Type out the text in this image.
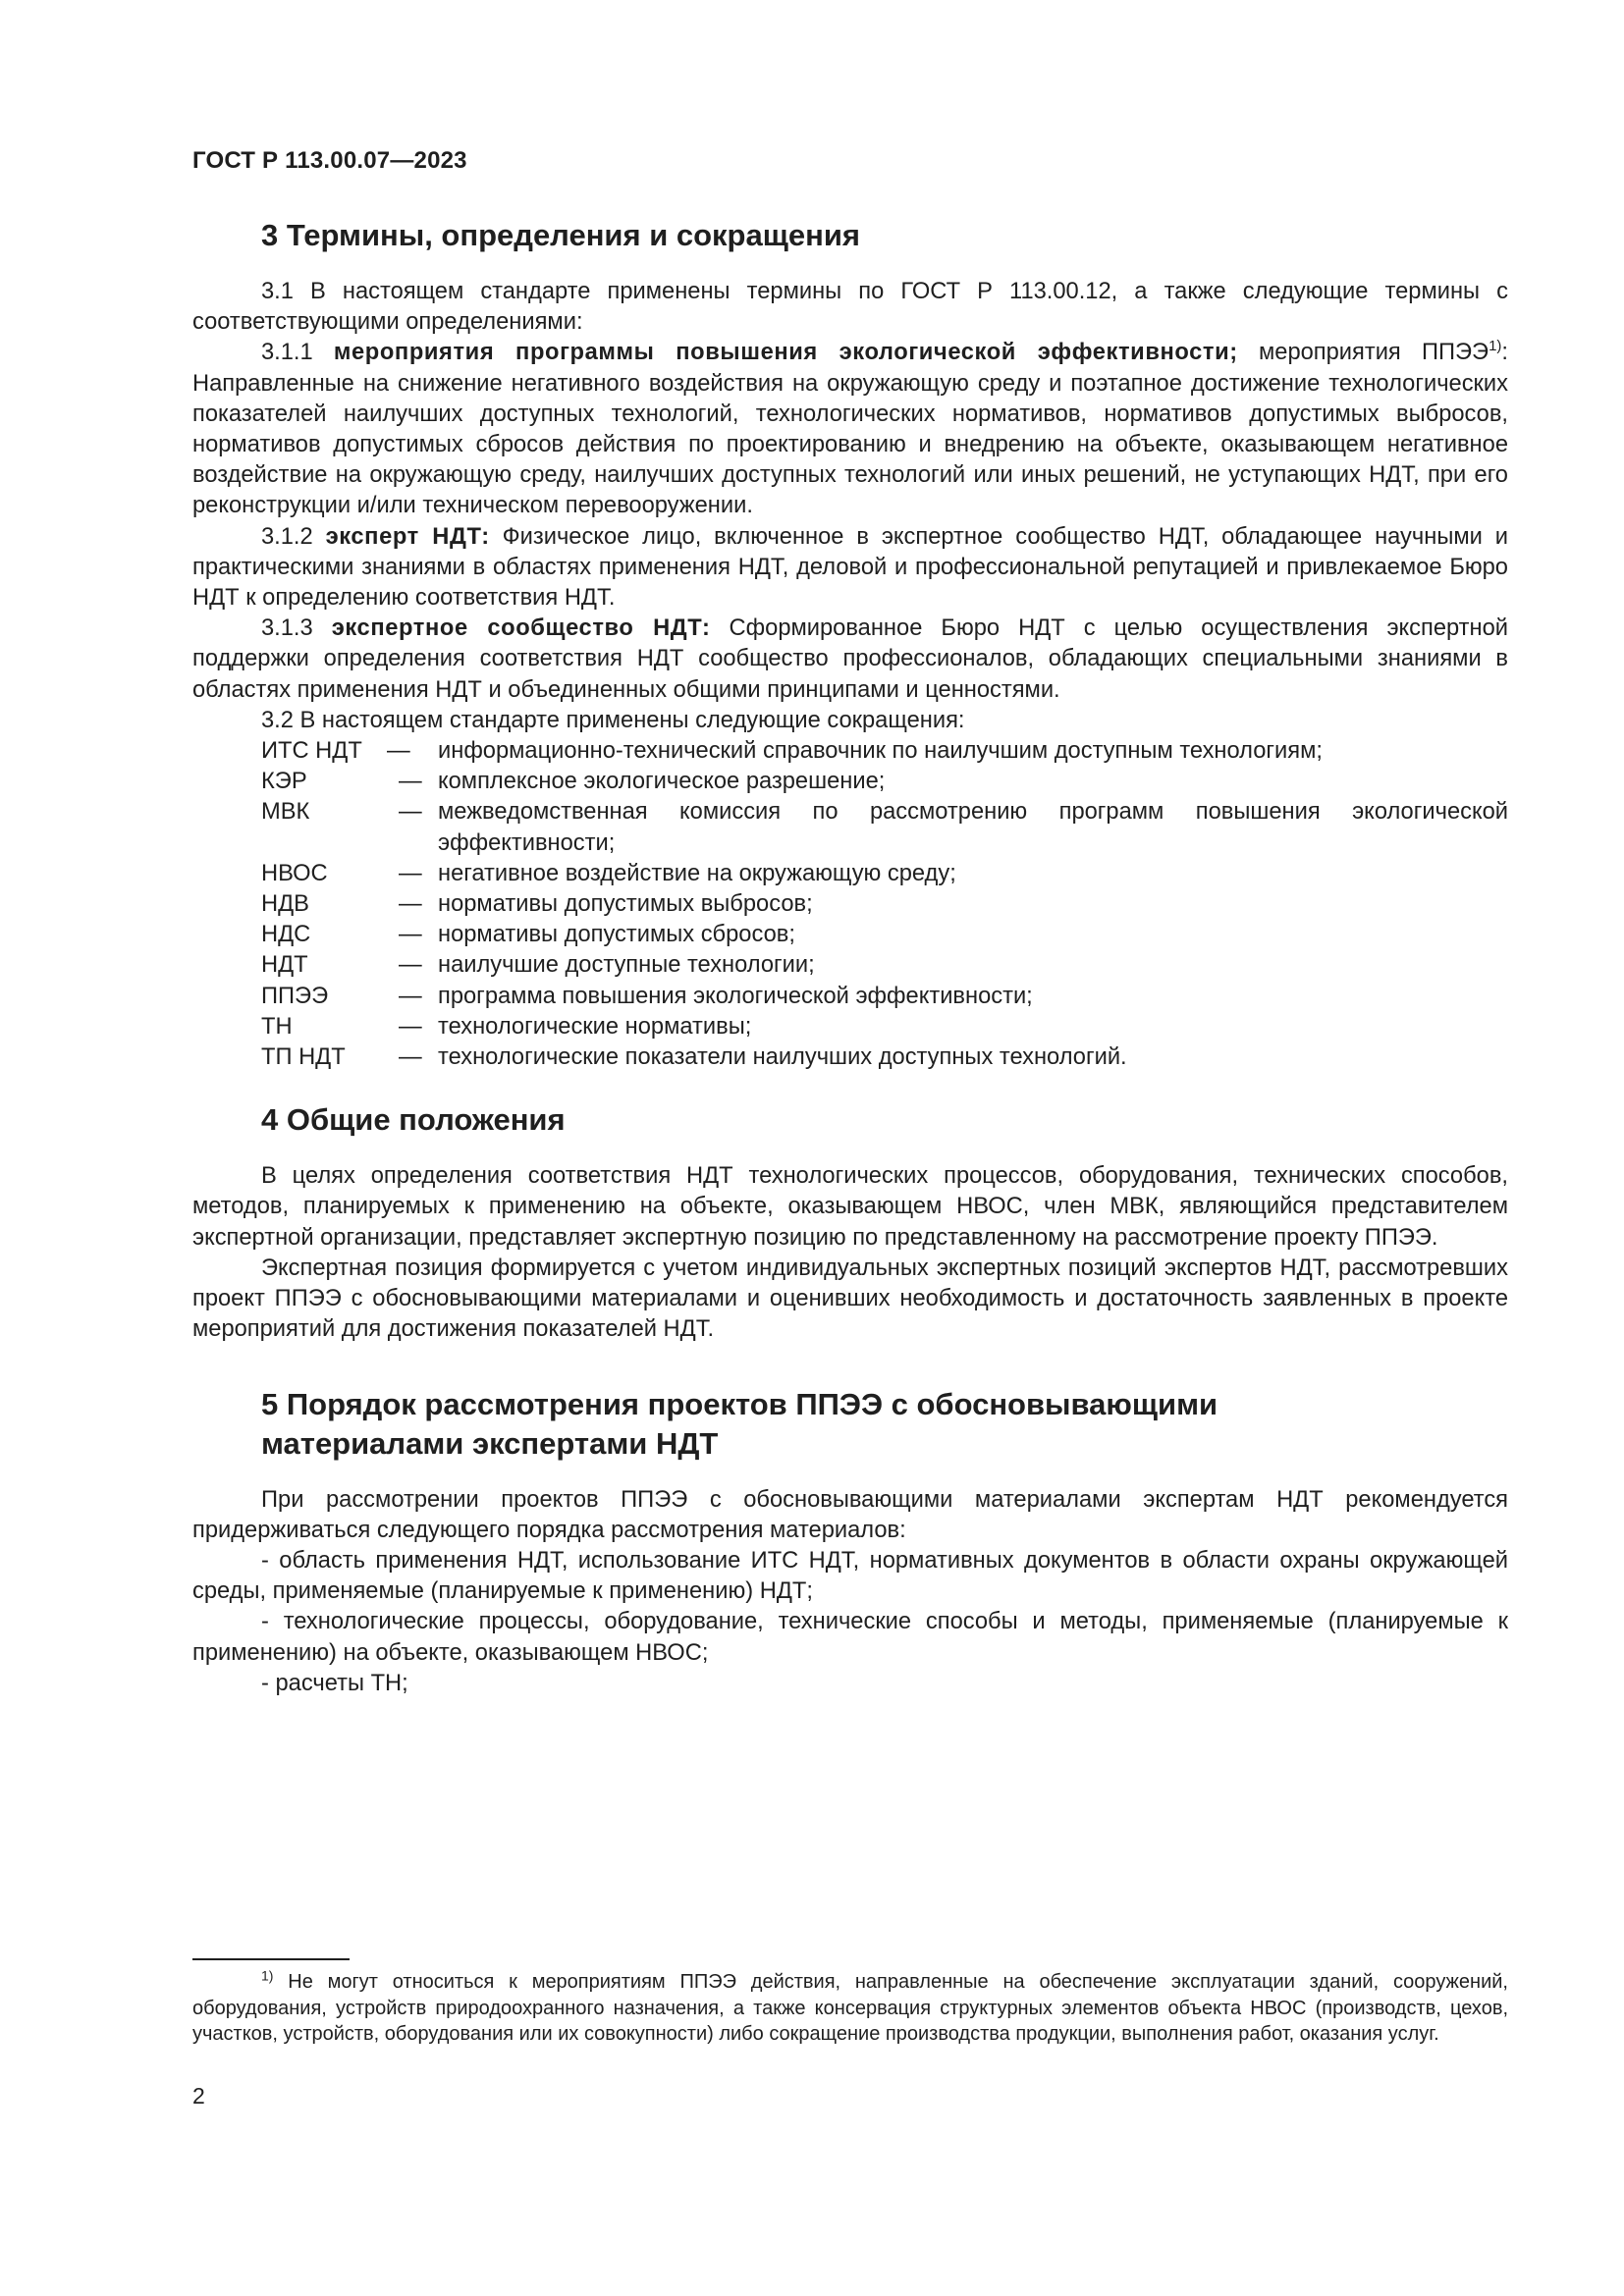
ГОСТ Р 113.00.07—2023
3 Термины, определения и сокращения

3.1 В настоящем стандарте применены термины по ГОСТ Р 113.00.12, а также следующие термины с соответствующими определениями:

3.1.1 мероприятия программы повышения экологической эффективности; мероприятия ППЭЭ$^{1)}$: Направленные на снижение негативного воздействия на окружающую среду и поэтапное достижение технологических показателей наилучших доступных технологий, технологических нормативов, нормативов допустимых выбросов, нормативов допустимых сбросов действия по проектированию и внедрению на объекте, оказывающем негативное воздействие на окружающую среду, наилучших доступных технологий или иных решений, не уступающих НДТ, при его реконструкции и/или техническом перевооружении.

3.1.2 эксперт НДТ: Физическое лицо, включенное в экспертное сообщество НДТ, обладающее научными и практическими знаниями в областях применения НДТ, деловой и профессиональной репутацией и привлекаемое Бюро НДТ к определению соответствия НДТ.

3.1.3 экспертное сообщество НДТ: Сформированное Бюро НДТ с целью осуществления экспертной поддержки определения соответствия НДТ сообщество профессионалов, обладающих специальными знаниями в областях применения НДТ и объединенных общими принципами и ценностями.

3.2 В настоящем стандарте применены следующие сокращения:

ИТС НДТ	—	информационно-технический справочник по наилучшим доступным технологиям;
КЭР	— комплексное экологическое разрешение;
МВК	— межведомственная комиссия по рассмотрению программ повышения экологической эффективности;
НВОС	— негативное воздействие на окружающую среду;
НДВ	— нормативы допустимых выбросов;
НДС	— нормативы допустимых сбросов;
НДТ	— наилучшие доступные технологии;
ППЭЭ	— программа повышения экологической эффективности;
ТН	— технологические нормативы;
ТП НДТ	— технологические показатели наилучших доступных технологий.
4 Общие положения

В целях определения соответствия НДТ технологических процессов, оборудования, технических способов, методов, планируемых к применению на объекте, оказывающем НВОС, член МВК, являющийся представителем экспертной организации, представляет экспертную позицию по представленному на рассмотрение проекту ППЭЭ.

Экспертная позиция формируется с учетом индивидуальных экспертных позиций экспертов НДТ, рассмотревших проект ППЭЭ с обосновывающими материалами и оценивших необходимость и достаточность заявленных в проекте мероприятий для достижения показателей НДТ.

5 Порядок рассмотрения проектов ППЭЭ с обосновывающими
материалами экспертами НДТ

При рассмотрении проектов ППЭЭ с обосновывающими материалами экспертам НДТ рекомендуется придерживаться следующего порядка рассмотрения материалов:

- область применения НДТ, использование ИТС НДТ, нормативных документов в области охраны окружающей среды, применяемые (планируемые к применению) НДТ;

- технологические процессы, оборудование, технические способы и методы, применяемые (планируемые к применению) на объекте, оказывающем НВОС;

- расчеты ТН;

$^{1)}$ Не могут относиться к мероприятиям ППЭЭ действия, направленные на обеспечение эксплуатации зданий, сооружений, оборудования, устройств природоохранного назначения, а также консервация структурных элементов объекта НВОС (производств, цехов, участков, устройств, оборудования или их совокупности) либо сокращение производства продукции, выполнения работ, оказания услуг.
2
